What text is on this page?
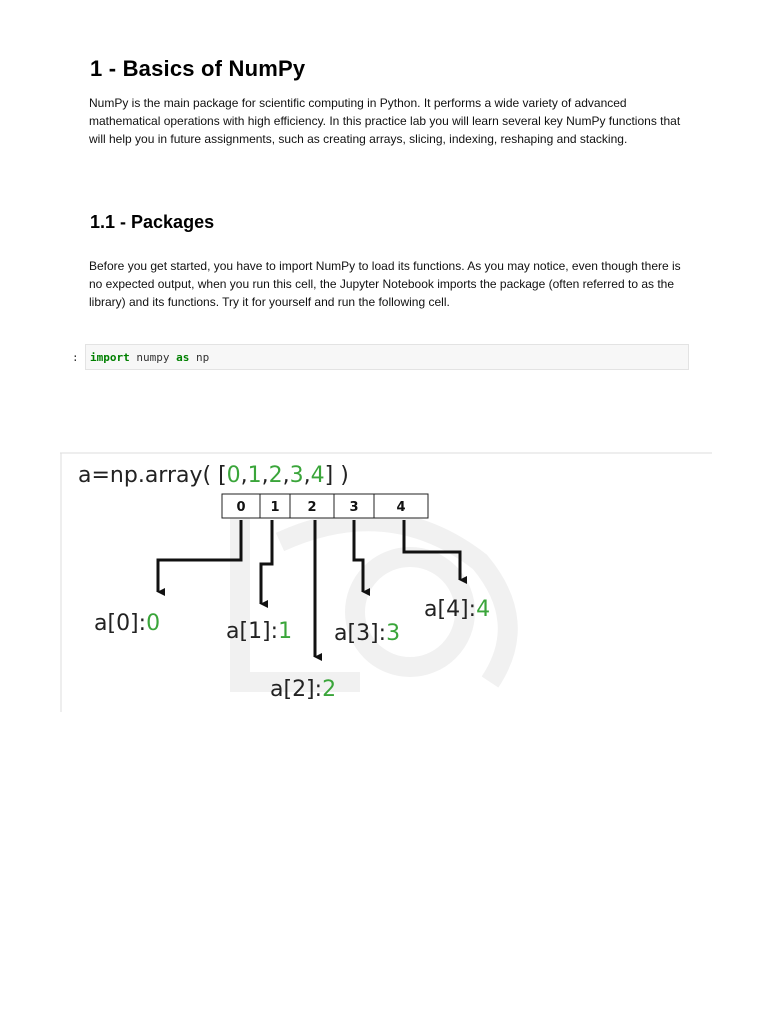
1 - Basics of NumPy

NumPy is the main package for scientific computing in Python. It performs a wide variety of advanced mathematical operations with high efficiency. In this practice lab you will learn several key NumPy functions that will help you in future assignments, such as creating arrays, slicing, indexing, reshaping and stacking.

1.1 - Packages

Before you get started, you have to import NumPy to load its functions. As you may notice, even though there is no expected output, when you run this cell, the Jupyter Notebook imports the package (often referred to as the library) and its functions. Try it for yourself and run the following cell.

:	import numpy as np
a=np.array( [0,1,2,3,4] )
0 1 2	3	4
a[0]:0	a[1]:1
a[2]:2
a[3]:3
a[4]:4
